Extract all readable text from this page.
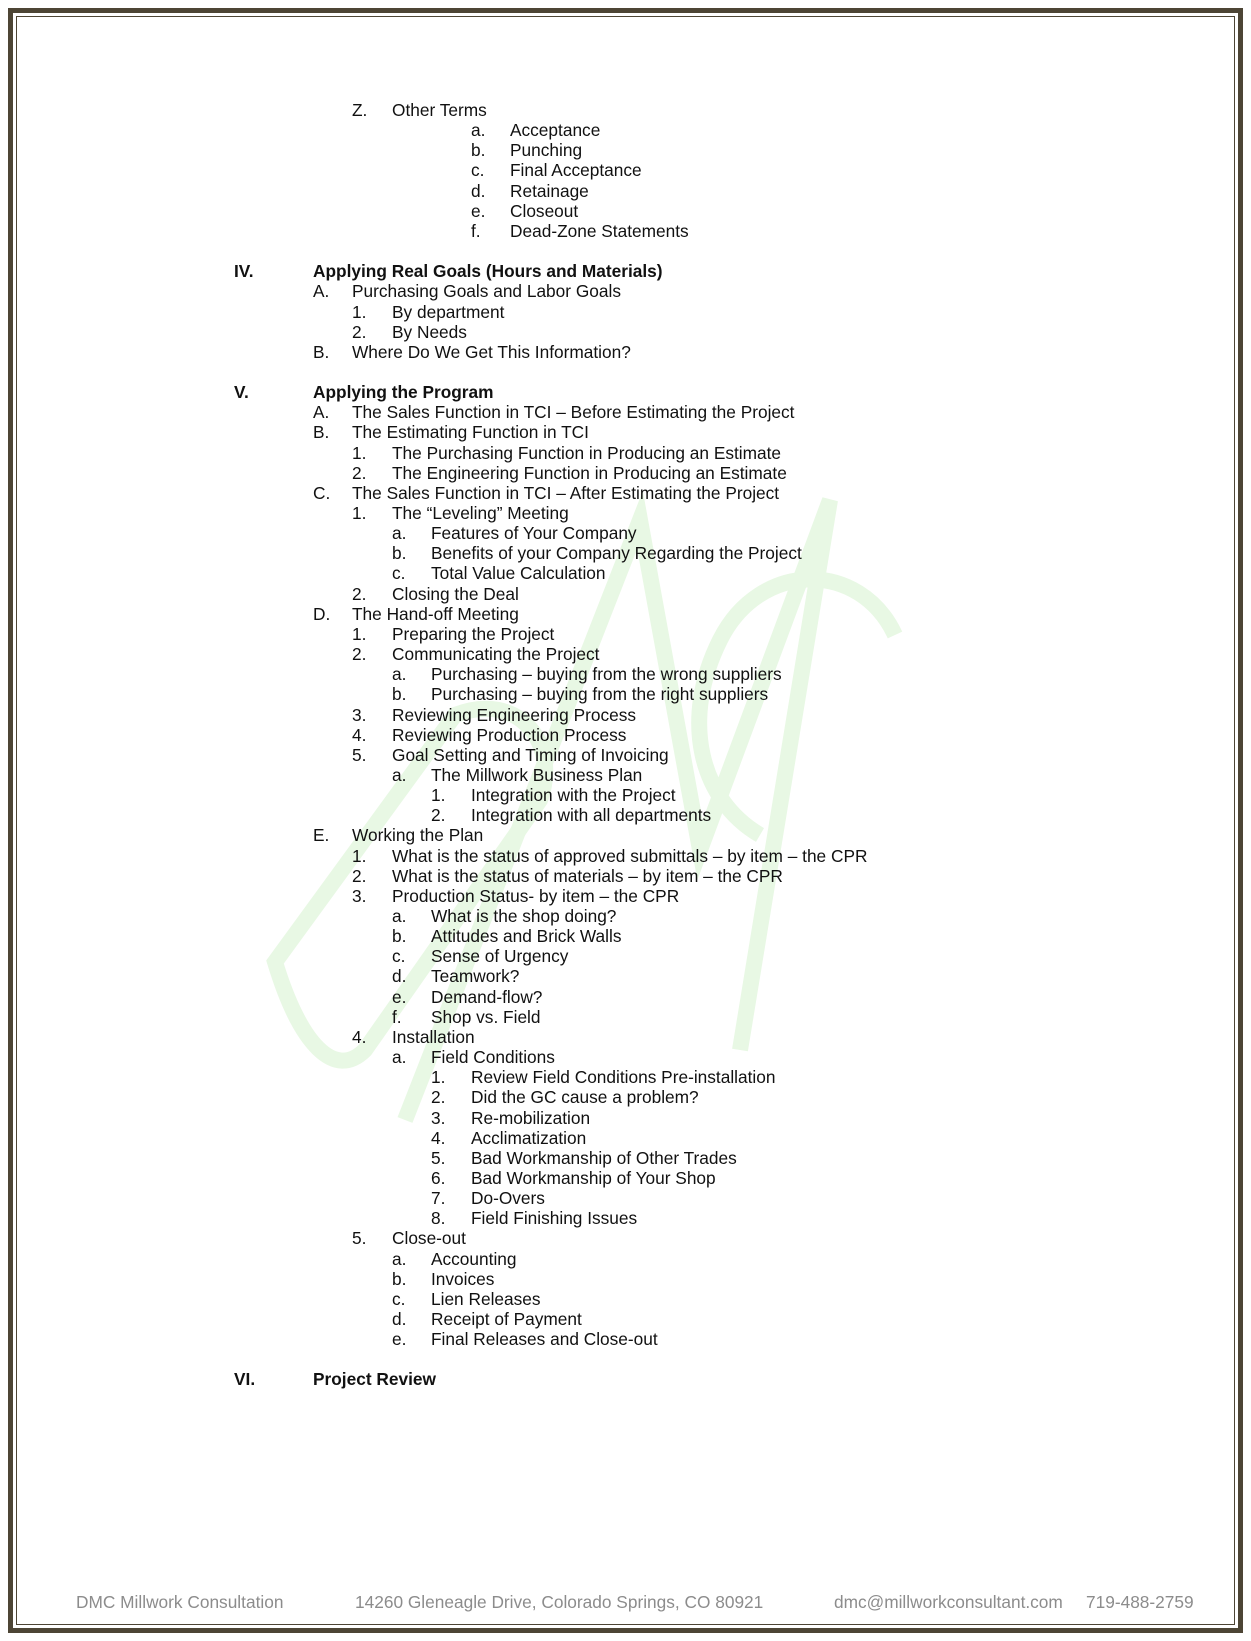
Z. Other Terms
a. Acceptance
b. Punching
c. Final Acceptance
d. Retainage
e. Closeout
f. Dead-Zone Statements
IV.	Applying Real Goals (Hours and Materials)
A. Purchasing Goals and Labor Goals
1. By department
2. By Needs
B. Where Do We Get This Information?
V.	Applying the Program
A. The Sales Function in TCI – Before Estimating the Project
B. The Estimating Function in TCI
1. The Purchasing Function in Producing an Estimate
2. The Engineering Function in Producing an Estimate
C. The Sales Function in TCI – After Estimating the Project
1. The “Leveling” Meeting
a. Features of Your Company
b. Benefits of your Company Regarding the Project
c. Total Value Calculation
2. Closing the Deal
D. The Hand-off Meeting
1. Preparing the Project
2. Communicating the Project
a. Purchasing – buying from the wrong suppliers
b. Purchasing – buying from the right suppliers
3. Reviewing Engineering Process
4. Reviewing Production Process
5. Goal Setting and Timing of Invoicing
a. The Millwork Business Plan
1. Integration with the Project
2. Integration with all departments
E. Working the Plan
1. What is the status of approved submittals – by item – the CPR
2. What is the status of materials – by item – the CPR
3. Production Status- by item – the CPR
a. What is the shop doing?
b. Attitudes and Brick Walls
c. Sense of Urgency
d. Teamwork?
e. Demand-flow?
f. Shop vs. Field
4. Installation
a. Field Conditions
1. Review Field Conditions Pre-installation
2. Did the GC cause a problem?
3. Re-mobilization
4. Acclimatization
5. Bad Workmanship of Other Trades
6. Bad Workmanship of Your Shop
7. Do-Overs
8. Field Finishing Issues
5. Close-out
a. Accounting
b. Invoices
c. Lien Releases
d. Receipt of Payment
e. Final Releases and Close-out
VI.	Project Review
DMC Millwork Consultation	14260 Gleneagle Drive, Colorado Springs, CO 80921	dmc@millworkconsultant.com 719-488-2759
